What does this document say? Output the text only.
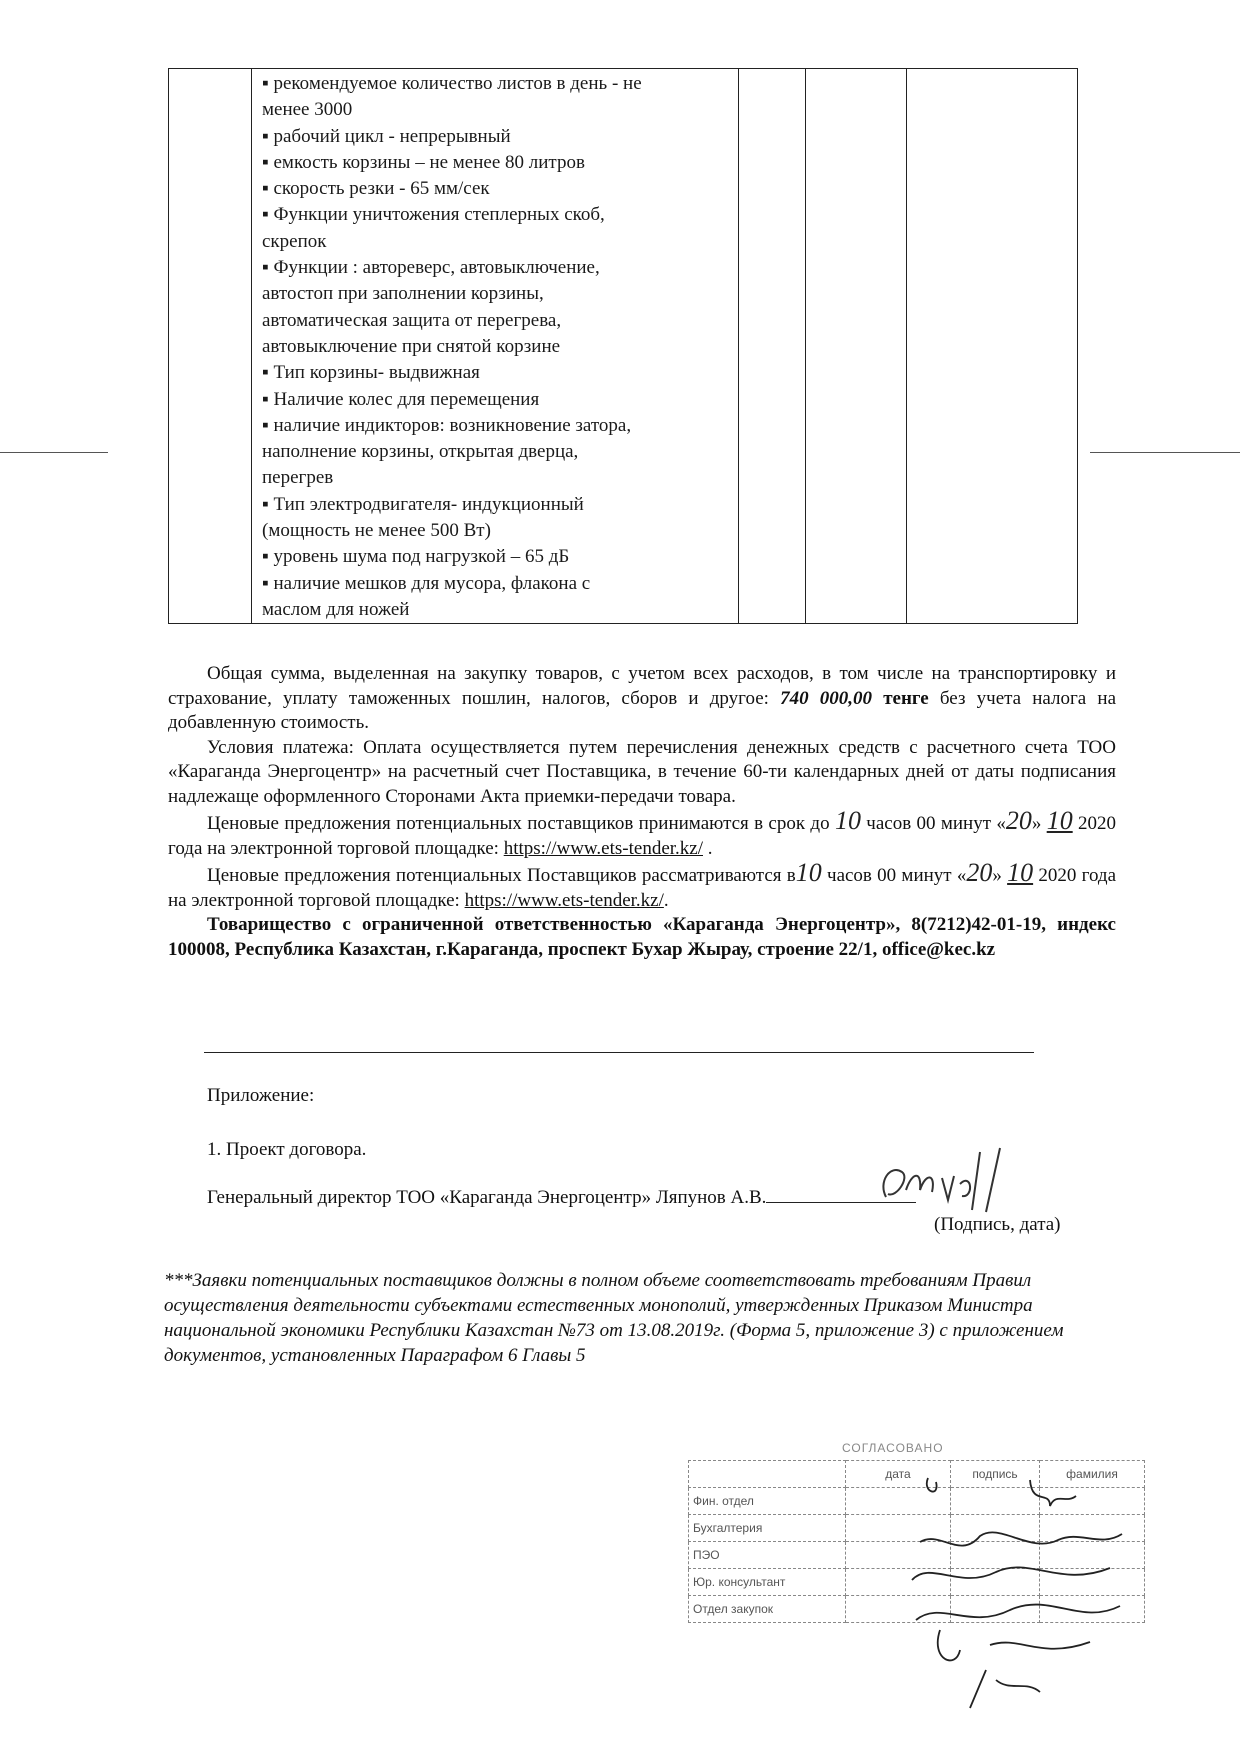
▪ рекомендуемое количество листов в день - не
менее 3000
▪ рабочий цикл - непрерывный
▪ емкость корзины – не менее 80 литров
▪ скорость резки - 65 мм/сек
▪ Функции уничтожения степлерных скоб,
скрепок
▪ Функции : автореверс, автовыключение,
автостоп при заполнении корзины,
автоматическая защита от перегрева,
автовыключение при снятой корзине
▪ Тип корзины- выдвижная
▪ Наличие колес для перемещения
▪ наличие индикторов: возникновение затора,
наполнение корзины, открытая дверца,
перегрев
▪ Тип электродвигателя- индукционный
(мощность не менее 500 Вт)
▪ уровень шума под нагрузкой – 65 дБ
▪ наличие мешков для мусора, флакона с
маслом для ножей

Общая сумма, выделенная на закупку товаров, с учетом всех расходов, в том числе на транспортировку и страхование, уплату таможенных пошлин, налогов, сборов и другое: 740 000,00 тенге без учета налога на добавленную стоимость.
Условия платежа: Оплата осуществляется путем перечисления денежных средств с расчетного счета ТОО «Караганда Энергоцентр» на расчетный счет Поставщика, в течение 60-ти календарных дней от даты подписания надлежаще оформленного Сторонами Акта приемки-передачи товара.
Ценовые предложения потенциальных поставщиков принимаются в срок до 10 часов 00 минут «20» 10 2020 года на электронной торговой площадке: https://www.ets-tender.kz/ .
Ценовые предложения потенциальных Поставщиков рассматриваются в10 часов 00 минут «20» 10 2020 года на электронной торговой площадке: https://www.ets-tender.kz/.
Товарищество с ограниченной ответственностью «Караганда Энергоцентр», 8(7212)42-01-19, индекс 100008, Республика Казахстан, г.Караганда, проспект Бухар Жырау, строение 22/1, office@kec.kz
Приложение:
1. Проект договора.
Генеральный директор ТОО «Караганда Энергоцентр» Ляпунов А.В.
(Подпись, дата)
***Заявки потенциальных поставщиков должны в полном объеме соответствовать требованиям Правил осуществления деятельности субъектами естественных монополий, утвержденных Приказом Министра национальной экономики Республики Казахстан №73 от 13.08.2019г. (Форма 5, приложение 3) с приложением документов, установленных Параграфом 6 Главы 5
СОГЛАСОВАНО
	дата	подпись	фамилия
Фин. отдел			
Бухгалтерия			
ПЭО			
Юр. консультант			
Отдел закупок			
